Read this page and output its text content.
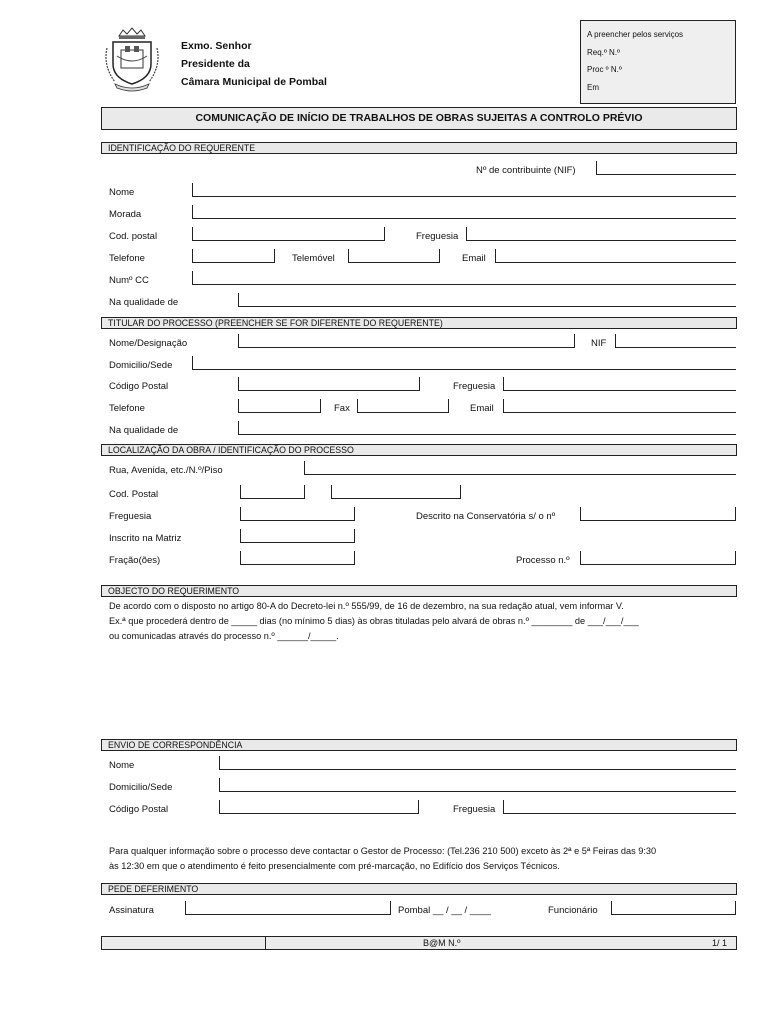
Exmo. Senhor
Presidente da
Câmara Municipal de Pombal
A preencher pelos serviços
Req.º N.º
Proc º N.º
Em
COMUNICAÇÃO DE INÍCIO DE TRABALHOS DE OBRAS SUJEITAS A CONTROLO PRÉVIO
IDENTIFICAÇÃO DO REQUERENTE
Nº de contribuinte (NIF)
Nome
Morada
Cod. postal	Freguesia
Telefone	Telemóvel	Email
Numº CC
Na qualidade de
TITULAR DO PROCESSO (PREENCHER SE FOR DIFERENTE DO REQUERENTE)
Nome/Designação	NIF
Domicilio/Sede
Código Postal	Freguesia
Telefone	Fax	Email
Na qualidade de
LOCALIZAÇÃO DA OBRA / IDENTIFICAÇÃO DO PROCESSO
Rua, Avenida, etc./N.º/Piso
Cod. Postal
Freguesia	Descrito na Conservatória s/ o nº
Inscrito na Matriz
Fração(ões)	Processo n.º
OBJECTO DO REQUERIMENTO
De acordo com o disposto no artigo 80-A do Decreto-lei n.º 555/99, de 16 de dezembro, na sua redação atual, vem informar V.
Ex.ª que procederá dentro de _____ dias (no mínimo 5 dias) às obras tituladas pelo alvará de obras n.º ________ de ___/___/___
ou comunicadas através do processo n.º ______/_____.
ENVIO DE CORRESPONDÊNCIA
Nome
Domicilio/Sede
Código Postal	Freguesia
Para qualquer informação sobre o processo deve contactar o Gestor de Processo: (Tel.236 210 500) exceto às 2ª e 5ª Feiras das 9:30
às 12:30 em que o atendimento é feito presencialmente com pré-marcação, no Edifício dos Serviços Técnicos.
PEDE DEFERIMENTO
Assinatura	Pombal __ / __ / ____	Funcionário
B@M N.º	1/ 1
